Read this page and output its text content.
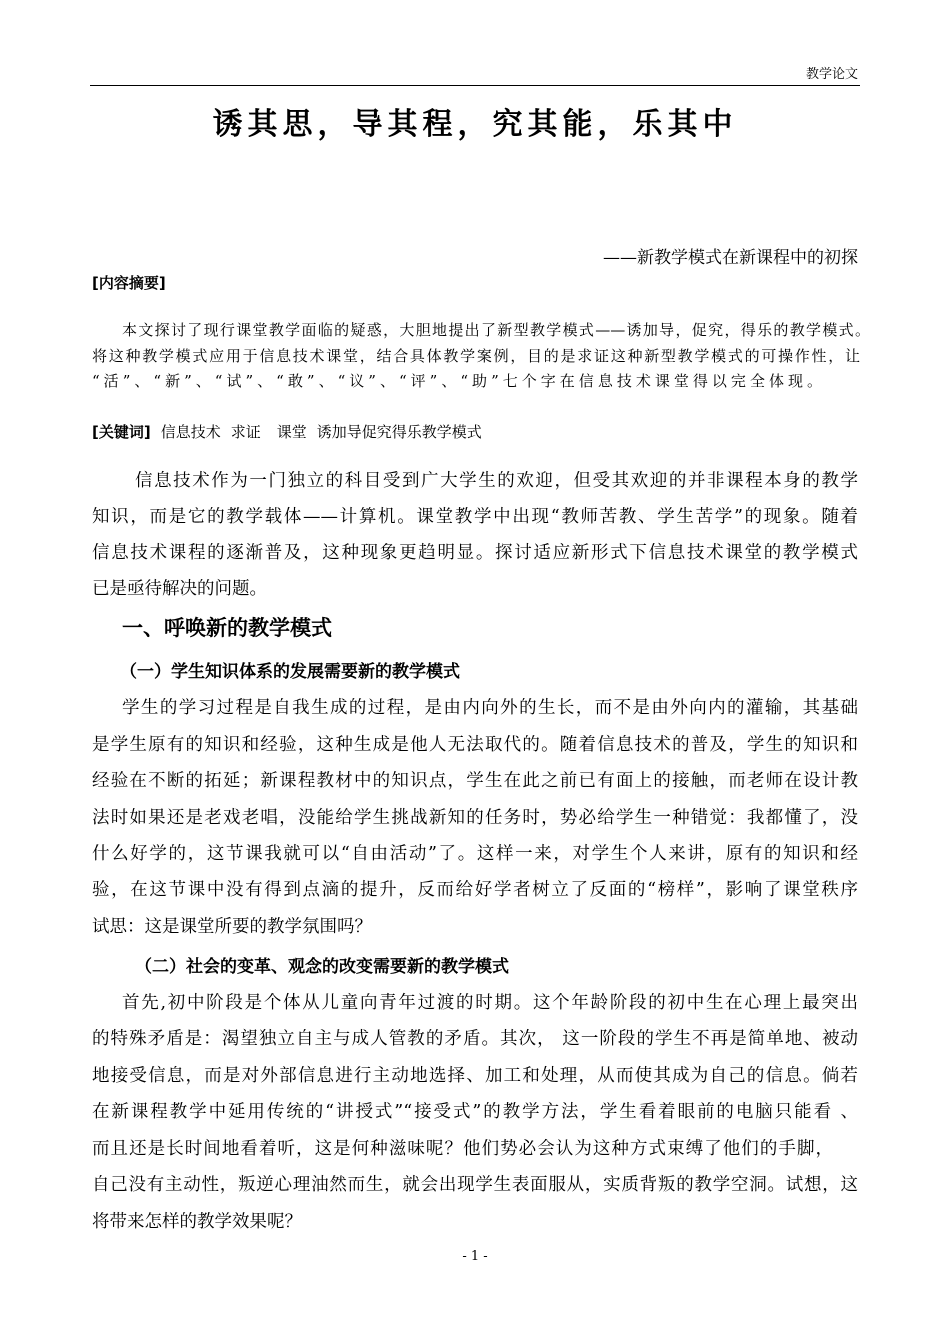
教学论文
诱其思，导其程，究其能，乐其中
——新教学模式在新课程中的初探
[内容摘要]
本文探讨了现行课堂教学面临的疑惑，大胆地提出了新型教学模式——诱加导，促究，得乐的教学模式。
将这种教学模式应用于信息技术课堂，结合具体教学案例，目的是求证这种新型教学模式的可操作性，让
“活”、“新”、“试”、“敢”、“议”、“评”、“助”七个字在信息技术课堂得以完全体现。
[关键词] 信息技术 求证 课堂 诱加导促究得乐教学模式
信息技术作为一门独立的科目受到广大学生的欢迎，但受其欢迎的并非课程本身的教学
知识，而是它的教学载体——计算机。课堂教学中出现“教师苦教、学生苦学”的现象。随着
信息技术课程的逐渐普及，这种现象更趋明显。探讨适应新形式下信息技术课堂的教学模式
已是亟待解决的问题。
一、呼唤新的教学模式
（一）学生知识体系的发展需要新的教学模式
学生的学习过程是自我生成的过程，是由内向外的生长，而不是由外向内的灌输，其基础
是学生原有的知识和经验，这种生成是他人无法取代的。随着信息技术的普及，学生的知识和
经验在不断的拓延；新课程教材中的知识点，学生在此之前已有面上的接触，而老师在设计教
法时如果还是老戏老唱，没能给学生挑战新知的任务时，势必给学生一种错觉：我都懂了，没
什么好学的，这节课我就可以“自由活动”了。这样一来，对学生个人来讲，原有的知识和经
验，在这节课中没有得到点滴的提升，反而给好学者树立了反面的“榜样”，影响了课堂秩序
试思：这是课堂所要的教学氛围吗？
（二）社会的变革、观念的改变需要新的教学模式
首先,初中阶段是个体从儿童向青年过渡的时期。这个年龄阶段的初中生在心理上最突出
的特殊矛盾是：渴望独立自主与成人管教的矛盾。其次， 这一阶段的学生不再是简单地、被动
地接受信息，而是对外部信息进行主动地选择、加工和处理，从而使其成为自己的信息。倘若
在新课程教学中延用传统的“讲授式”“接受式”的教学方法，学生看着眼前的电脑只能看 、
而且还是长时间地看着听，这是何种滋味呢？他们势必会认为这种方式束缚了他们的手脚，
自己没有主动性，叛逆心理油然而生，就会出现学生表面服从，实质背叛的教学空洞。试想，这
将带来怎样的教学效果呢？
- 1 -
